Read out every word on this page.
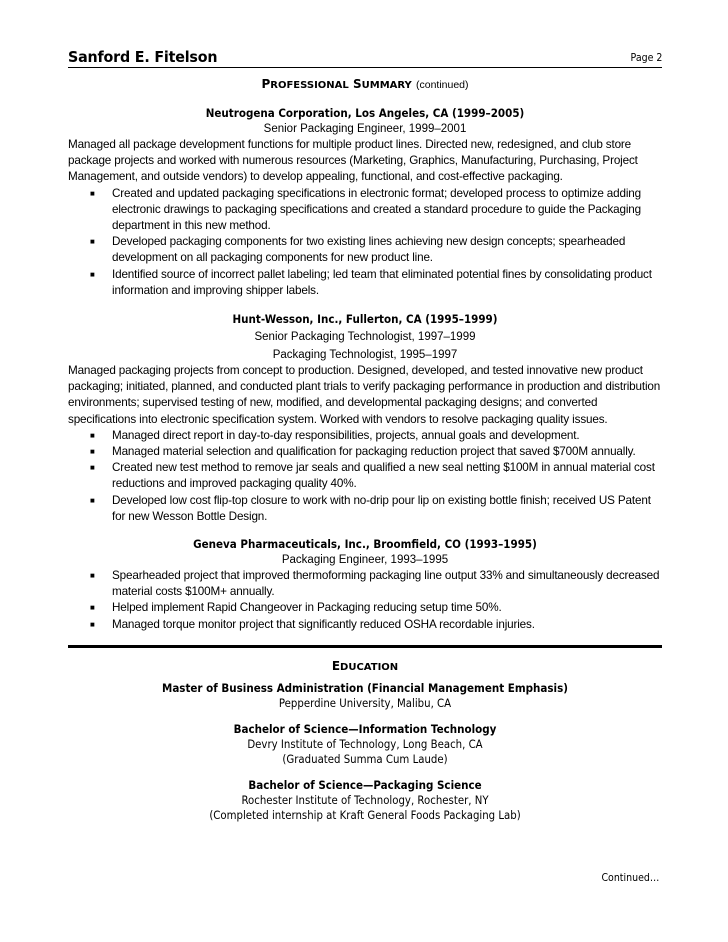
Sanford E. Fitelson	Page 2
PROFESSIONAL SUMMARY (continued)
Neutrogena Corporation, Los Angeles, CA (1999–2005)
Senior Packaging Engineer, 1999–2001
Managed all package development functions for multiple product lines. Directed new, redesigned, and club store package projects and worked with numerous resources (Marketing, Graphics, Manufacturing, Purchasing, Project Management, and outside vendors) to develop appealing, functional, and cost-effective packaging.
■ Created and updated packaging specifications in electronic format; developed process to optimize adding electronic drawings to packaging specifications and created a standard procedure to guide the Packaging department in this new method.
■ Developed packaging components for two existing lines achieving new design concepts; spearheaded development on all packaging components for new product line.
■ Identified source of incorrect pallet labeling; led team that eliminated potential fines by consolidating product information and improving shipper labels.
Hunt-Wesson, Inc., Fullerton, CA (1995–1999)
Senior Packaging Technologist, 1997–1999
Packaging Technologist, 1995–1997
Managed packaging projects from concept to production. Designed, developed, and tested innovative new product packaging; initiated, planned, and conducted plant trials to verify packaging performance in production and distribution environments; supervised testing of new, modified, and developmental packaging designs; and converted specifications into electronic specification system. Worked with vendors to resolve packaging quality issues.
■ Managed direct report in day-to-day responsibilities, projects, annual goals and development.
■ Managed material selection and qualification for packaging reduction project that saved $700M annually.
■ Created new test method to remove jar seals and qualified a new seal netting $100M in annual material cost reductions and improved packaging quality 40%.
■ Developed low cost flip-top closure to work with no-drip pour lip on existing bottle finish; received US Patent for new Wesson Bottle Design.
Geneva Pharmaceuticals, Inc., Broomfield, CO (1993–1995)
Packaging Engineer, 1993–1995
■ Spearheaded project that improved thermoforming packaging line output 33% and simultaneously decreased material costs $100M+ annually.
■ Helped implement Rapid Changeover in Packaging reducing setup time 50%.
■ Managed torque monitor project that significantly reduced OSHA recordable injuries.
EDUCATION
Master of Business Administration (Financial Management Emphasis)
Pepperdine University, Malibu, CA
Bachelor of Science—Information Technology
Devry Institute of Technology, Long Beach, CA
(Graduated Summa Cum Laude)
Bachelor of Science—Packaging Science
Rochester Institute of Technology, Rochester, NY
(Completed internship at Kraft General Foods Packaging Lab)
Continued…
